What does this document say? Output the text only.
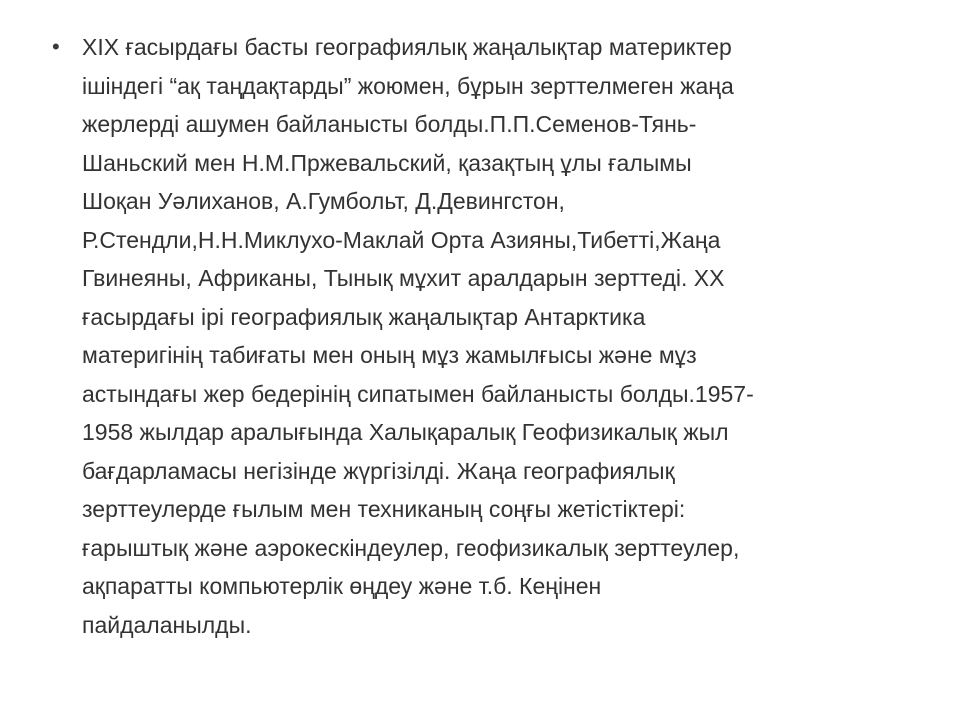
• XIX ғасырдағы басты географиялық жаңалықтар материктер
ішіндегі “ақ таңдақтарды” жоюмен, бұрын зерттелмеген жаңа
жерлерді ашумен байланысты болды.П.П.Семенов-Тянь-
Шаньский мен Н.М.Пржевальский, қазақтың ұлы ғалымы
Шоқан Уәлиханов, А.Гумбольт, Д.Девингстон,
Р.Стендли,Н.Н.Миклухо-Маклай Орта Азияны,Тибетті,Жаңа
Гвинеяны, Африканы, Тынық мұхит аралдарын зерттеді. XX
ғасырдағы ірі географиялық жаңалықтар Антарктика
материгінің табиғаты мен оның мұз жамылғысы және мұз
астындағы жер бедерінің сипатымен байланысты болды.1957-
1958 жылдар аралығында Халықаралық Геофизикалық жыл
бағдарламасы негізінде жүргізілді. Жаңа географиялық
зерттеулерде ғылым мен техниканың соңғы жетістіктері:
ғарыштық және аэрокескіндеулер, геофизикалық зерттеулер,
ақпаратты компьютерлік өңдеу және т.б. Кеңінен
пайдаланылды.
